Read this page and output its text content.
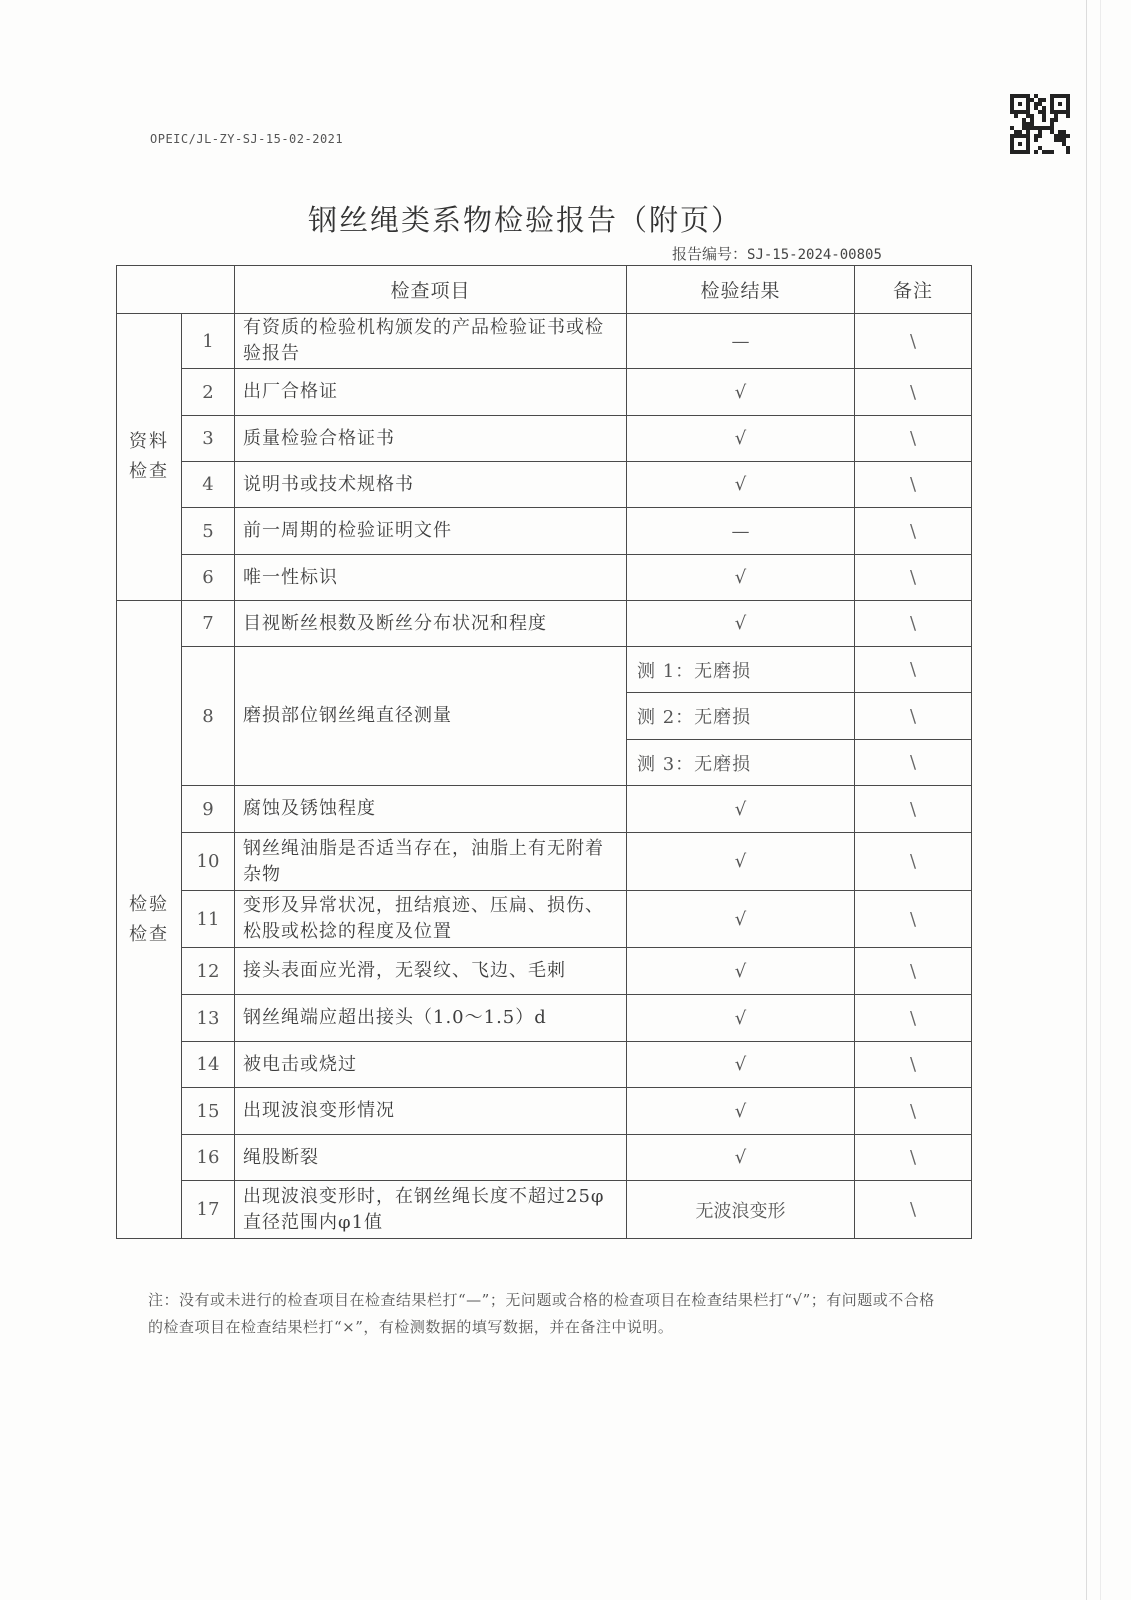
OPEIC/JL-ZY-SJ-15-02-2021
钢丝绳类系物检验报告（附页）
报告编号：SJ-15-2024-00805
		检查项目	检验结果	备注
资料检查	1	有资质的检验机构颁发的产品检验证书或检验报告	—	\
	2	出厂合格证	√	\
	3	质量检验合格证书	√	\
	4	说明书或技术规格书	√	\
	5	前一周期的检验证明文件	—	\
	6	唯一性标识	√	\
检验检查	7	目视断丝根数及断丝分布状况和程度	√	\
	8	磨损部位钢丝绳直径测量	测 1：无磨损	\
			测 2：无磨损	\
			测 3：无磨损	\
	9	腐蚀及锈蚀程度	√	\
	10	钢丝绳油脂是否适当存在，油脂上有无附着杂物	√	\
	11	变形及异常状况，扭结痕迹、压扁、损伤、松股或松捻的程度及位置	√	\
	12	接头表面应光滑，无裂纹、飞边、毛刺	√	\
	13	钢丝绳端应超出接头（1.0～1.5）d	√	\
	14	被电击或烧过	√	\
	15	出现波浪变形情况	√	\
	16	绳股断裂	√	\
	17	出现波浪变形时，在钢丝绳长度不超过25φ直径范围内φ1值	无波浪变形	\
注：没有或未进行的检查项目在检查结果栏打“—”；无问题或合格的检查项目在检查结果栏打“√”；有问题或不合格的检查项目在检查结果栏打“×”，有检测数据的填写数据，并在备注中说明。
